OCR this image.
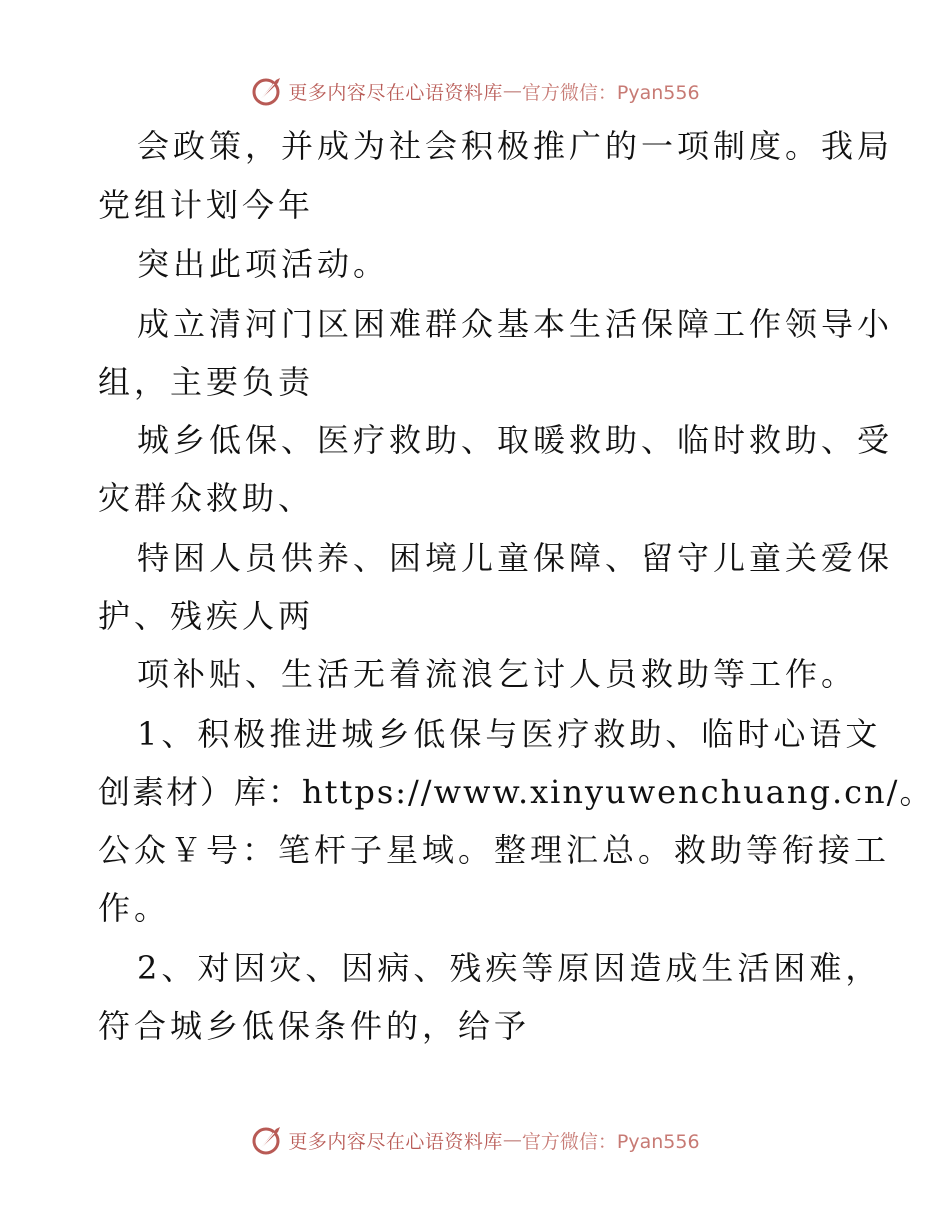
更多内容尽在心语资料库 — 官方微信：Pyan556

会政策，并成为社会积极推广的一项制度。我局

党组计划今年

突出此项活动。

成立清河门区困难群众基本生活保障工作领导小

组，主要负责

城乡低保、医疗救助、取暖救助、临时救助、受

灾群众救助、

特困人员供养、困境儿童保障、留守儿童关爱保

护、残疾人两

项补贴、生活无着流浪乞讨人员救助等工作。

1、积极推进城乡低保与医疗救助、临时心语文

创素材）库：https://www.xinyuwenchuang.cn/。

公众￥号：笔杆子星域。整理汇总。救助等衔接工

作。

2、对因灾、因病、残疾等原因造成生活困难，

符合城乡低保条件的，给予

更多内容尽在心语资料库 — 官方微信：Pyan556
